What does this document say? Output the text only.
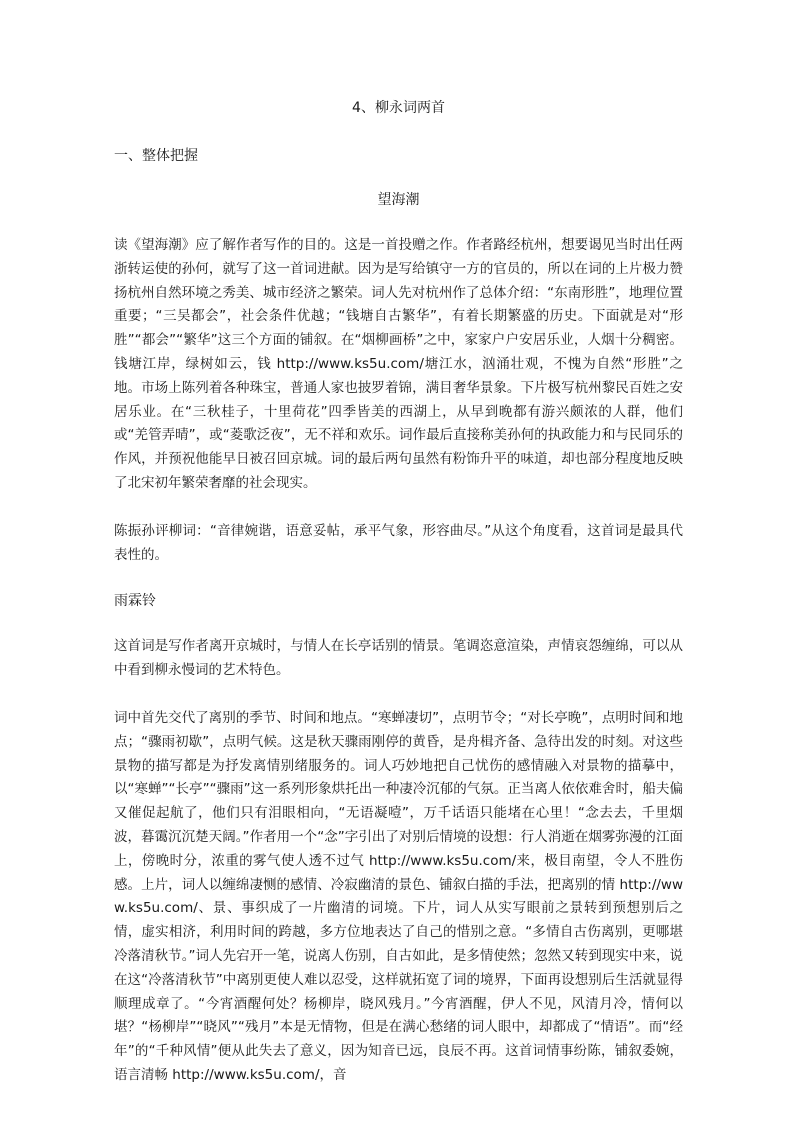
4、柳永词两首
一、整体把握
望海潮

读《望海潮》应了解作者写作的目的。这是一首投赠之作。作者路经杭州，想要谒见当时出任两浙转运使的孙何，就写了这一首词进献。因为是写给镇守一方的官员的，所以在词的上片极力赞扬杭州自然环境之秀美、城市经济之繁荣。词人先对杭州作了总体介绍：“东南形胜”，地理位置重要；“三吴都会”，社会条件优越；“钱塘自古繁华”，有着长期繁盛的历史。下面就是对“形胜”“都会”“繁华”这三个方面的铺叙。在“烟柳画桥”之中，家家户户安居乐业，人烟十分稠密。钱塘江岸，绿树如云，钱 http://www.ks5u.com/塘江水，汹涌壮观，不愧为自然“形胜”之地。市场上陈列着各种珠宝，普通人家也披罗着锦，满目奢华景象。下片极写杭州黎民百姓之安居乐业。在“三秋桂子，十里荷花”四季皆美的西湖上，从早到晚都有游兴颇浓的人群，他们或“羌管弄晴”，或“菱歌泛夜”，无不祥和欢乐。词作最后直接称美孙何的执政能力和与民同乐的作风，并预祝他能早日被召回京城。词的最后两句虽然有粉饰升平的味道，却也部分程度地反映了北宋初年繁荣奢靡的社会现实。

陈振孙评柳词：“音律婉谐，语意妥帖，承平气象，形容曲尽。”从这个角度看，这首词是最具代表性的。

雨霖铃

这首词是写作者离开京城时，与情人在长亭话别的情景。笔调恣意渲染，声情哀怨缠绵，可以从中看到柳永慢词的艺术特色。

词中首先交代了离别的季节、时间和地点。“寒蝉凄切”，点明节令；“对长亭晚”，点明时间和地点；“骤雨初歇”，点明气候。这是秋天骤雨刚停的黄昏，是舟楫齐备、急待出发的时刻。对这些景物的描写都是为抒发离情别绪服务的。词人巧妙地把自己忧伤的感情融入对景物的描摹中，以“寒蝉”“长亭”“骤雨”这一系列形象烘托出一种凄冷沉郁的气氛。正当离人依依难舍时，船夫偏又催促起航了，他们只有泪眼相向，“无语凝噎”，万千话语只能堵在心里！“念去去，千里烟波，暮霭沉沉楚天阔。”作者用一个“念”字引出了对别后情境的设想：行人消逝在烟雾弥漫的江面上，傍晚时分，浓重的雾气使人透不过气 http://www.ks5u.com/来，极目南望，令人不胜伤感。上片，词人以缠绵凄恻的感情、冷寂幽清的景色、铺叙白描的手法，把离别的情 http://www.ks5u.com/、景、事织成了一片幽清的词境。下片，词人从实写眼前之景转到预想别后之情，虚实相济，利用时间的跨越，多方位地表达了自己的惜别之意。“多情自古伤离别，更哪堪冷落清秋节。”词人先宕开一笔，说离人伤别，自古如此，是多情使然；忽然又转到现实中来，说在这“冷落清秋节”中离别更使人难以忍受，这样就拓宽了词的境界，下面再设想别后生活就显得顺理成章了。“今宵酒醒何处？杨柳岸，晓风残月。”今宵酒醒，伊人不见，风清月冷，情何以堪？“杨柳岸”“晓风”“残月”本是无情物，但是在满心愁绪的词人眼中，却都成了“情语”。而“经年”的“千种风情”便从此失去了意义，因为知音已远，良辰不再。这首词情事纷陈，铺叙委婉，语言清畅 http://www.ks5u.com/，音
